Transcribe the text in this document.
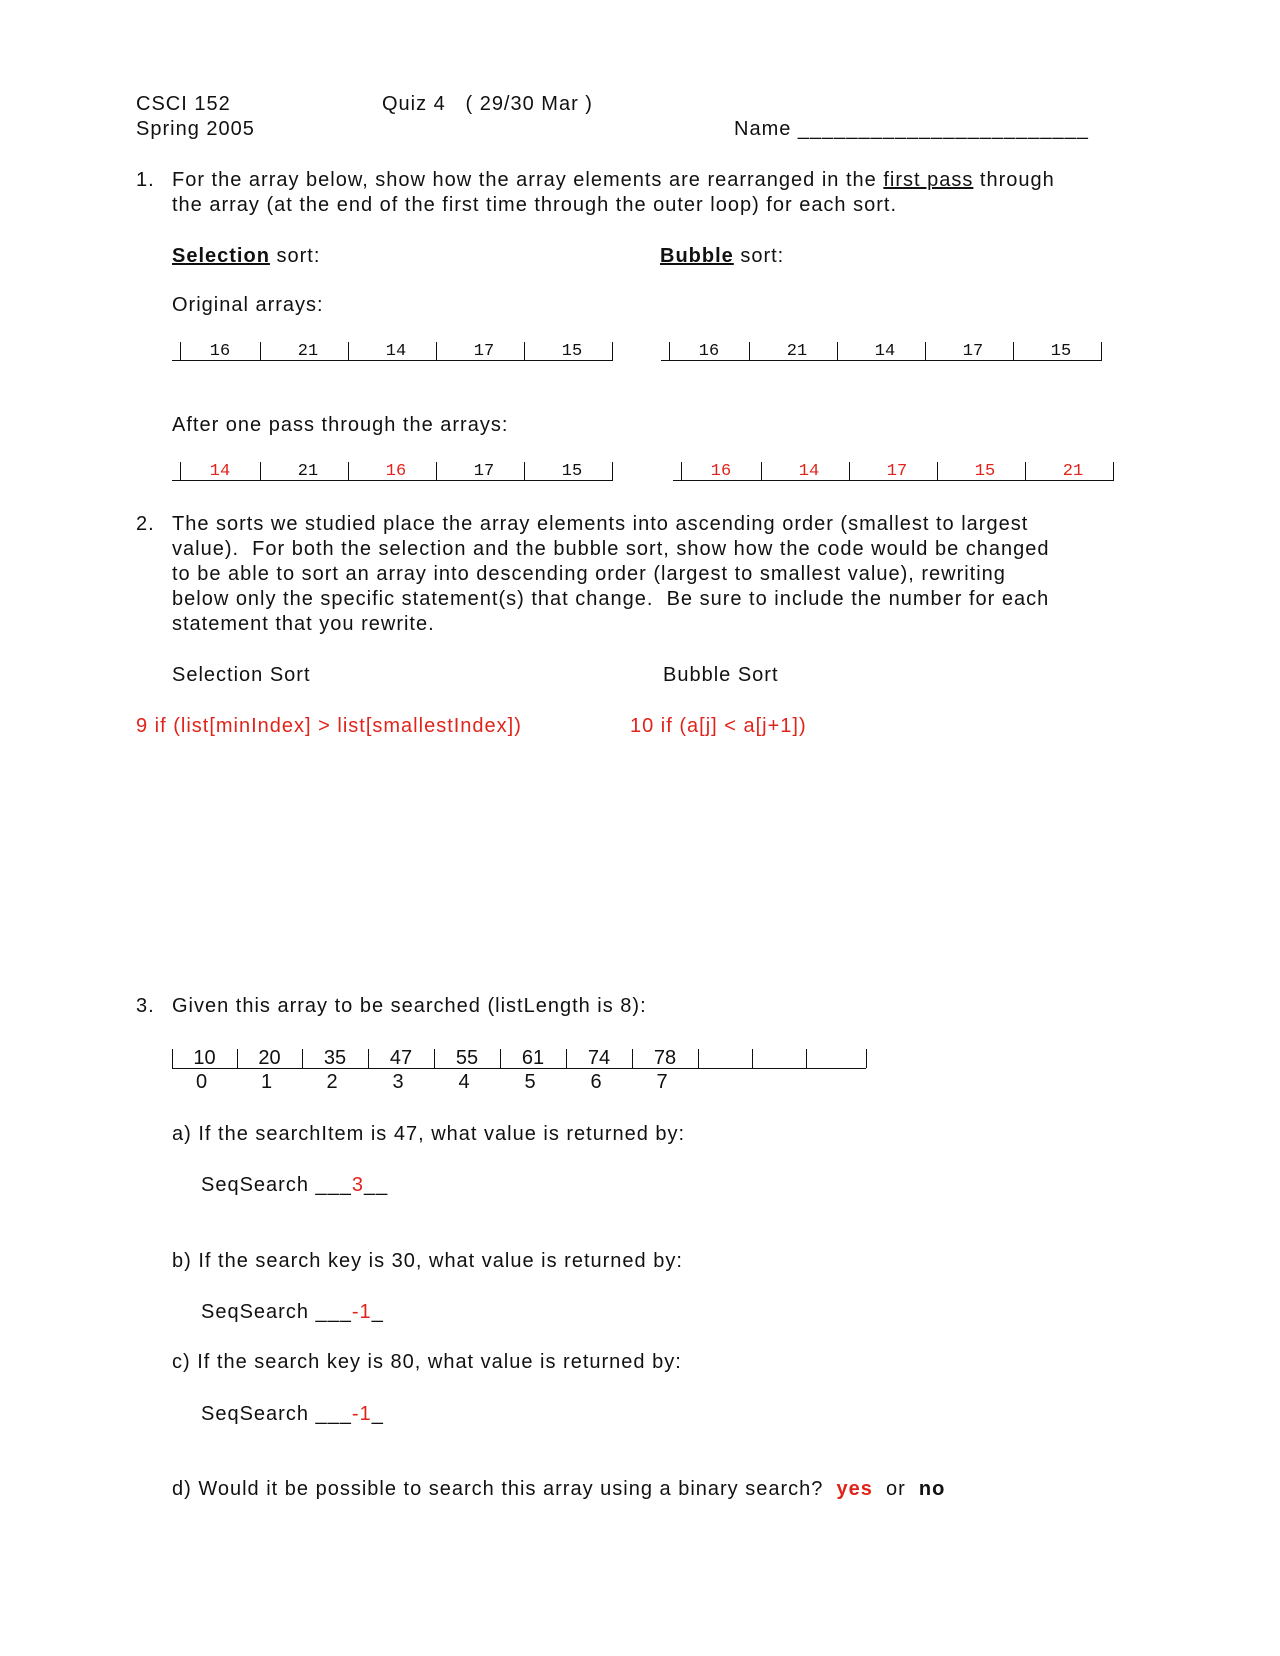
CSCI 152
Spring 2005
Quiz 4   ( 29/30 Mar )
Name ________________________
1. For the array below, show how the array elements are rearranged in the first pass through
the array (at the end of the first time through the outer loop) for each sort.
Selection sort:	Bubble sort:
Original arrays:
After one pass through the arrays:
16	21	14	17	15	16	21	14	17	15
14	21	16	17	15	16	14	17	15	21
2. The sorts we studied place the array elements into ascending order (smallest to largest
value).  For both the selection and the bubble sort, show how the code would be changed
to be able to sort an array into descending order (largest to smallest value), rewriting
below only the specific statement(s) that change.  Be sure to include the number for each
statement that you rewrite.
Selection Sort	Bubble Sort
9 if (list[minIndex] > list[smallestIndex])	10 if (a[j] < a[j+1])
3. Given this array to be searched (listLength is 8):
10	20	35	47	55	61	74	78
0	1	2	3	4	5	6	7
a) If the searchItem is 47, what value is returned by:
SeqSearch ___3__
b) If the search key is 30, what value is returned by:
SeqSearch ___-1_
c) If the search key is 80, what value is returned by:
SeqSearch ___-1_
d) Would it be possible to search this array using a binary search? yes or no
